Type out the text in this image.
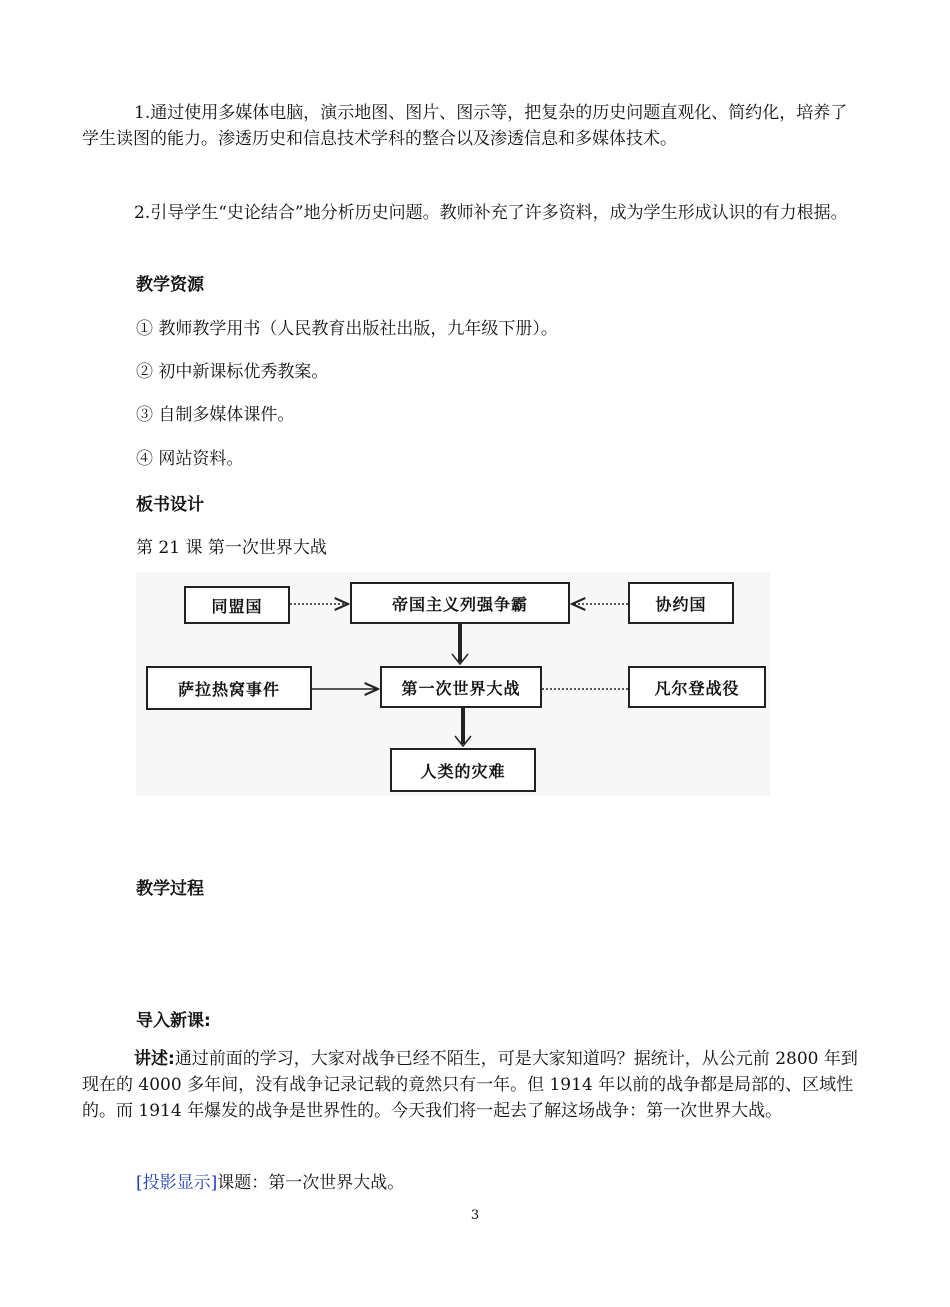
1.通过使用多媒体电脑，演示地图、图片、图示等，把复杂的历史问题直观化、简约化，培养了学生读图的能力。渗透历史和信息技术学科的整合以及渗透信息和多媒体技术。

2.引导学生“史论结合”地分析历史问题。教师补充了许多资料，成为学生形成认识的有力根据。

教学资源

① 教师教学用书（人民教育出版社出版，九年级下册）。

② 初中新课标优秀教案。

③ 自制多媒体课件。

④ 网站资料。

板书设计

第 21 课 第一次世界大战

同盟国	帝国主义列强争霸	协约国
萨拉热窝事件	第一次世界大战	凡尔登战役
人类的灾难

教学过程

导入新课:

讲述:通过前面的学习，大家对战争已经不陌生，可是大家知道吗？据统计，从公元前 2800 年到现在的 4000 多年间，没有战争记录记载的竟然只有一年。但 1914 年以前的战争都是局部的、区域性的。而 1914 年爆发的战争是世界性的。今天我们将一起去了解这场战争：第一次世界大战。

[投影显示]课题：第一次世界大战。

3
